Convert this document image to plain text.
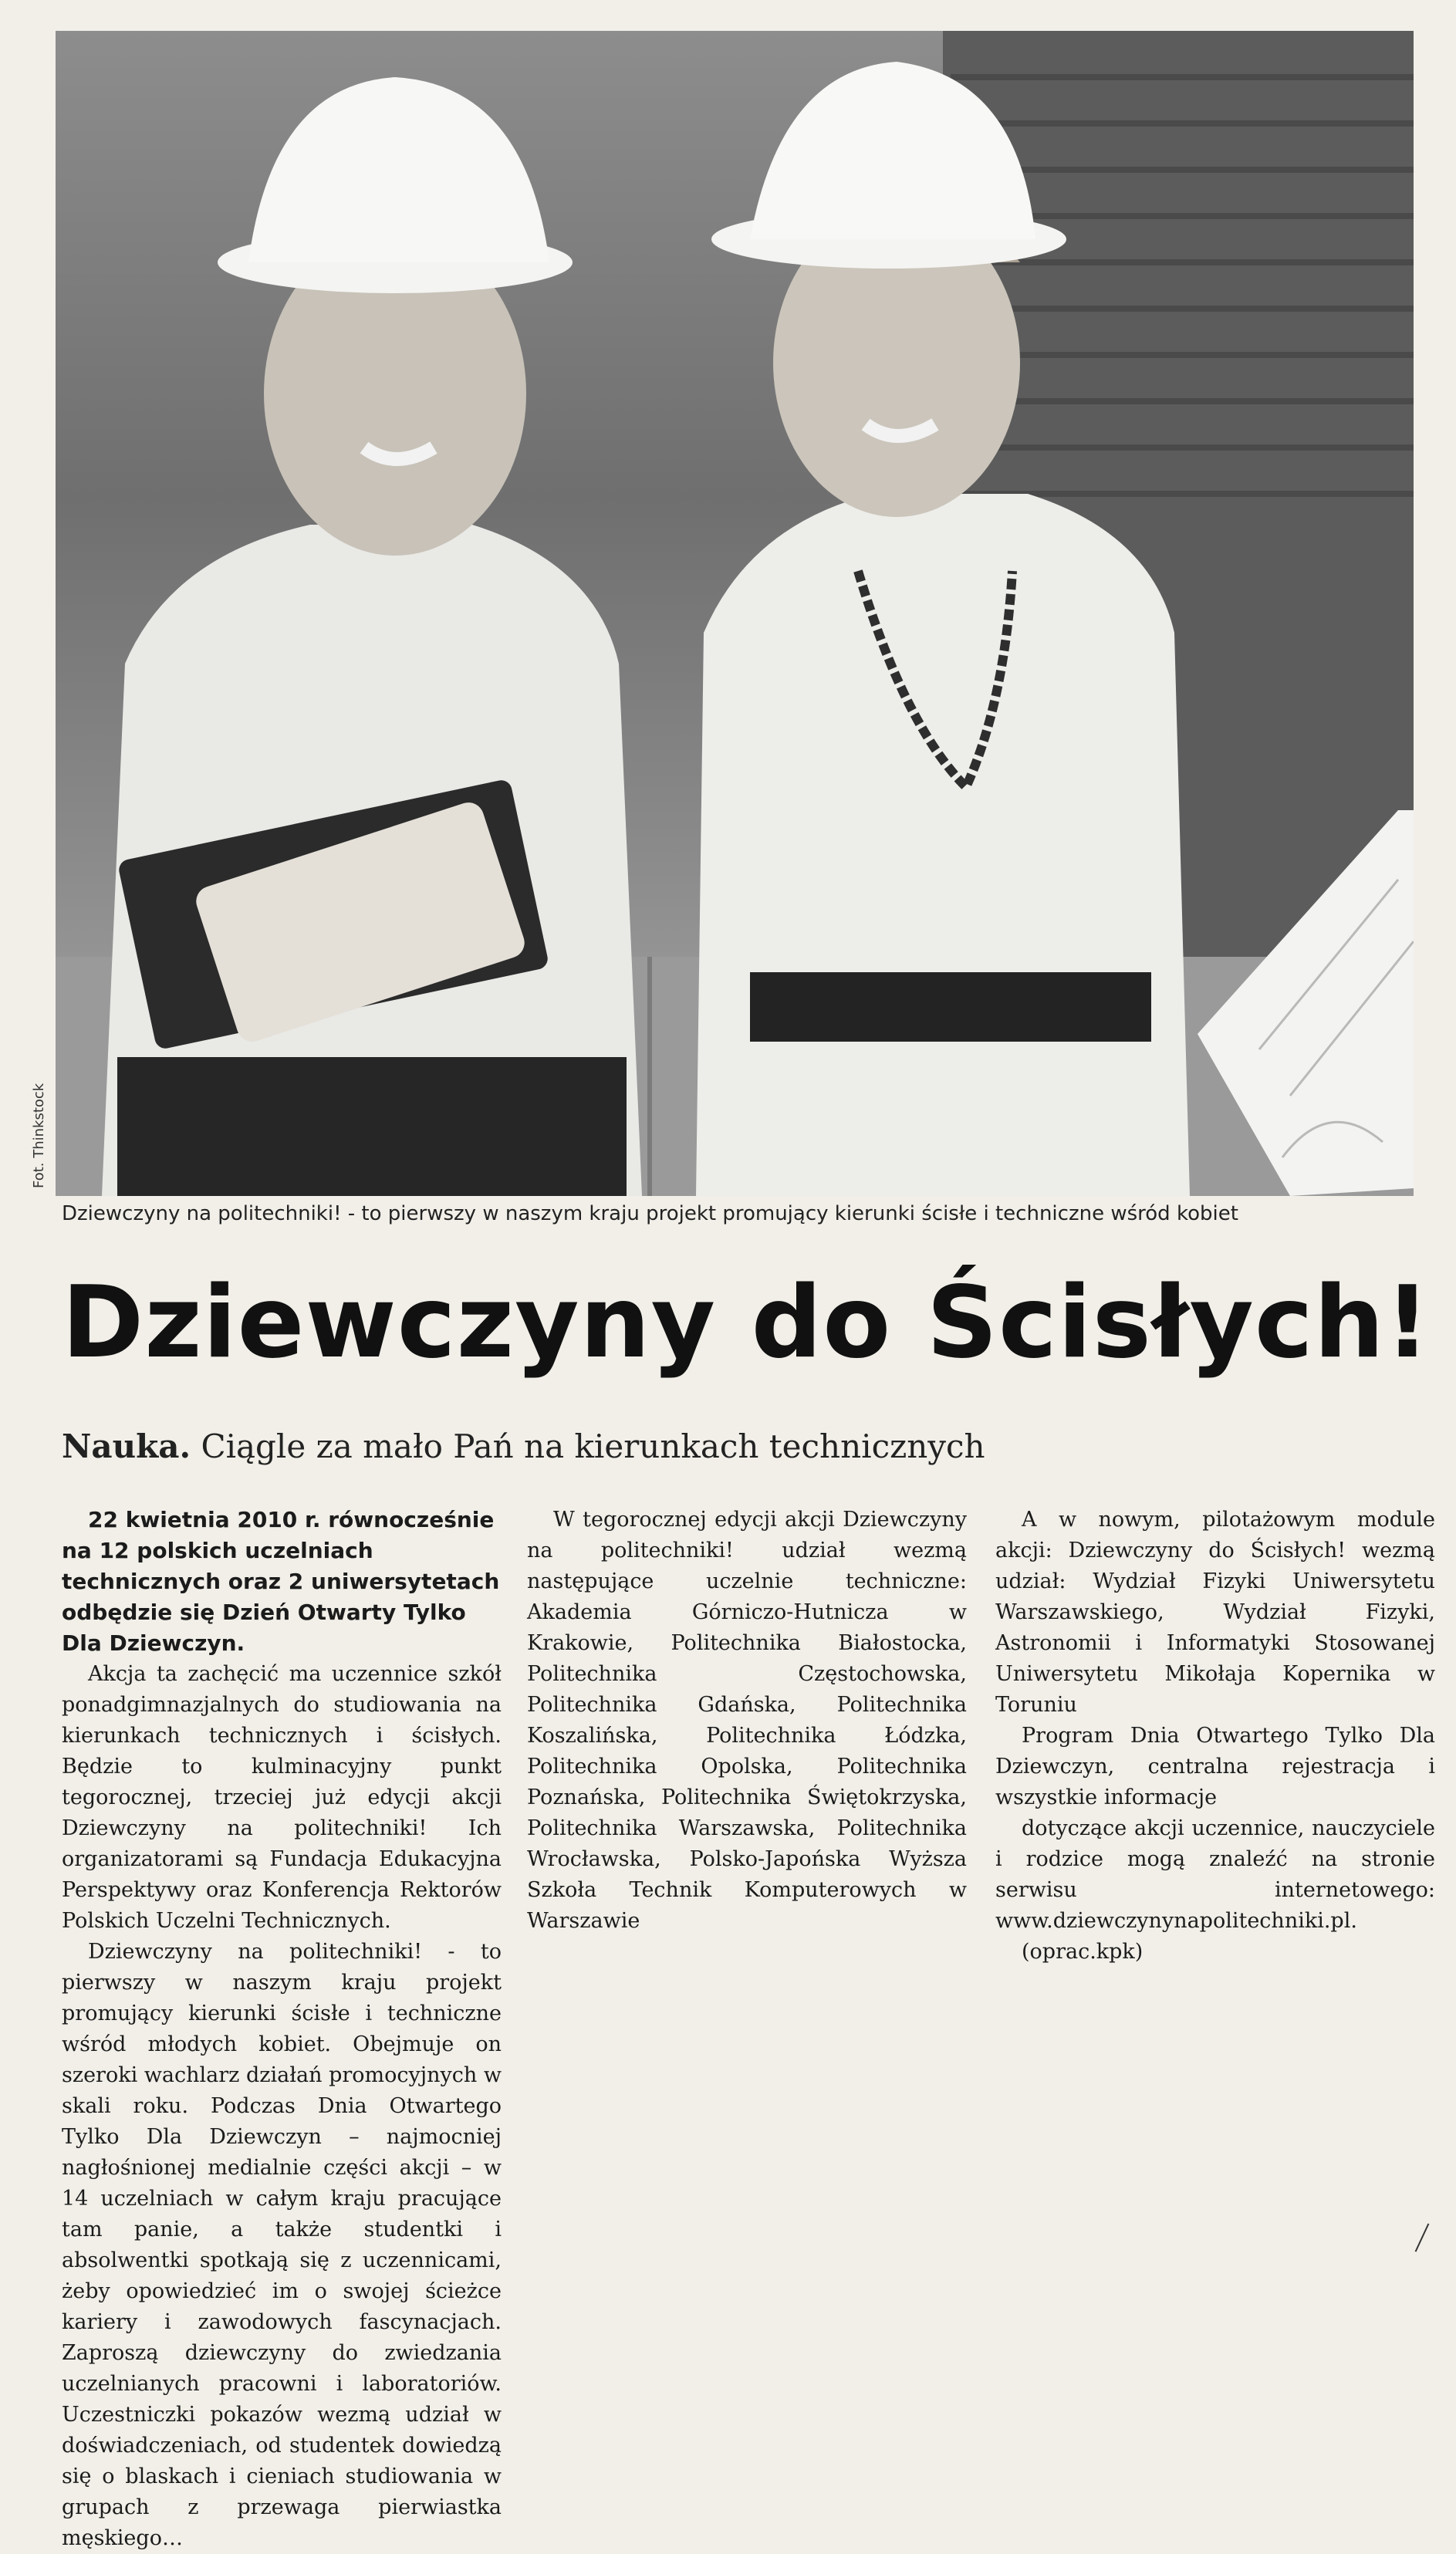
Fot. Thinkstock
Dziewczyny na politechniki! - to pierwszy w naszym kraju projekt promujący kierunki ścisłe i techniczne wśród kobiet
Dziewczyny do Ścisłych!
Nauka. Ciągle za mało Pań na kierunkach technicznych

22 kwietnia 2010 r. równocześnie na 12 polskich uczelniach technicznych oraz 2 uniwersytetach odbędzie się Dzień Otwarty Tylko Dla Dziewczyn.

Akcja ta zachęcić ma uczennice szkół ponadgimnazjalnych do studiowania na kierunkach technicznych i ścisłych. Będzie to kulminacyjny punkt tegorocznej, trzeciej już edycji akcji Dziewczyny na politechniki! Ich organizatorami są Fundacja Edukacyjna Perspektywy oraz Konferencja Rektorów Polskich Uczelni Technicznych.

Dziewczyny na politechniki! - to pierwszy w naszym kraju projekt promujący kierunki ścisłe i techniczne wśród młodych kobiet. Obejmuje on szeroki wachlarz działań promocyjnych w skali roku. Podczas Dnia Otwartego Tylko Dla Dziewczyn – najmocniej nagłośnionej medialnie części akcji – w 14 uczelniach w całym kraju pracujące tam panie, a także studentki i absolwentki spotkają się z uczennicami, żeby opowiedzieć im o swojej ścieżce kariery i zawodowych fascynacjach. Zaproszą dziewczyny do zwiedzania uczelnianych pracowni i laboratoriów. Uczestniczki pokazów wezmą udział w doświadczeniach, od studentek dowiedzą się o blaskach i cieniach studiowania w grupach z przewaga pierwiastka męskiego…

W tegorocznej edycji akcji Dziewczyny na politechniki! udział wezmą następujące uczelnie techniczne: Akademia Górniczo-Hutnicza w Krakowie, Politechnika Białostocka, Politechnika Częstochowska, Politechnika Gdańska, Politechnika Koszalińska, Politechnika Łódzka, Politechnika Opolska, Politechnika Poznańska, Politechnika Świętokrzyska, Politechnika Warszawska, Politechnika Wrocławska, Polsko-Japońska Wyższa Szkoła Technik Komputerowych w Warszawie

A w nowym, pilotażowym module akcji: Dziewczyny do Ścisłych! wezmą udział: Wydział Fizyki Uniwersytetu Warszawskiego, Wydział Fizyki, Astronomii i Informatyki Stosowanej Uniwersytetu Mikołaja Kopernika w Toruniu

Program Dnia Otwartego Tylko Dla Dziewczyn, centralna rejestracja i wszystkie informacje

dotyczące akcji uczennice, nauczyciele i rodzice mogą znaleźć na stronie serwisu internetowego: www.dziewczynynapolitechniki.pl.

(oprac.kpk)
